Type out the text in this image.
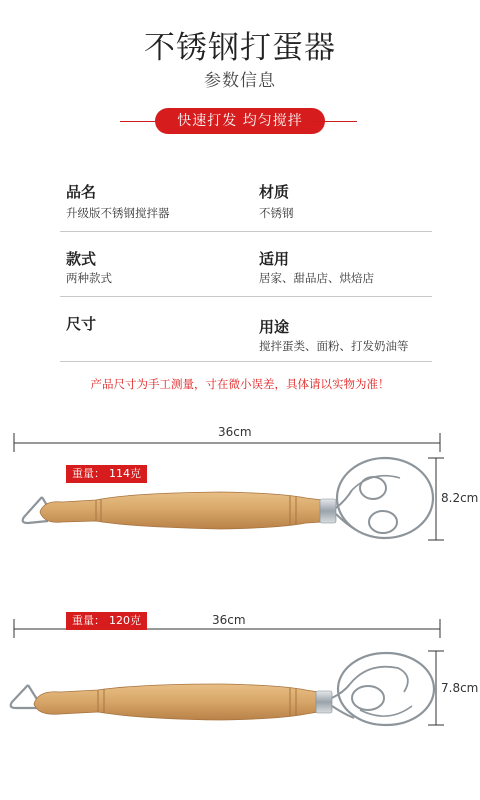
不锈钢打蛋器
参数信息
快速打发 均匀搅拌
品名
升级版不锈钢搅拌器
材质
不锈钢
款式
两种款式
适用
居家、甜品店、烘焙店
尺寸	用途
搅拌蛋类、面粉、打发奶油等
产品尺寸为手工测量，寸在微小误差，具体请以实物为准！
36cm
8.2cm
重量： 114克
重量： 120克	36cm
7.8cm
